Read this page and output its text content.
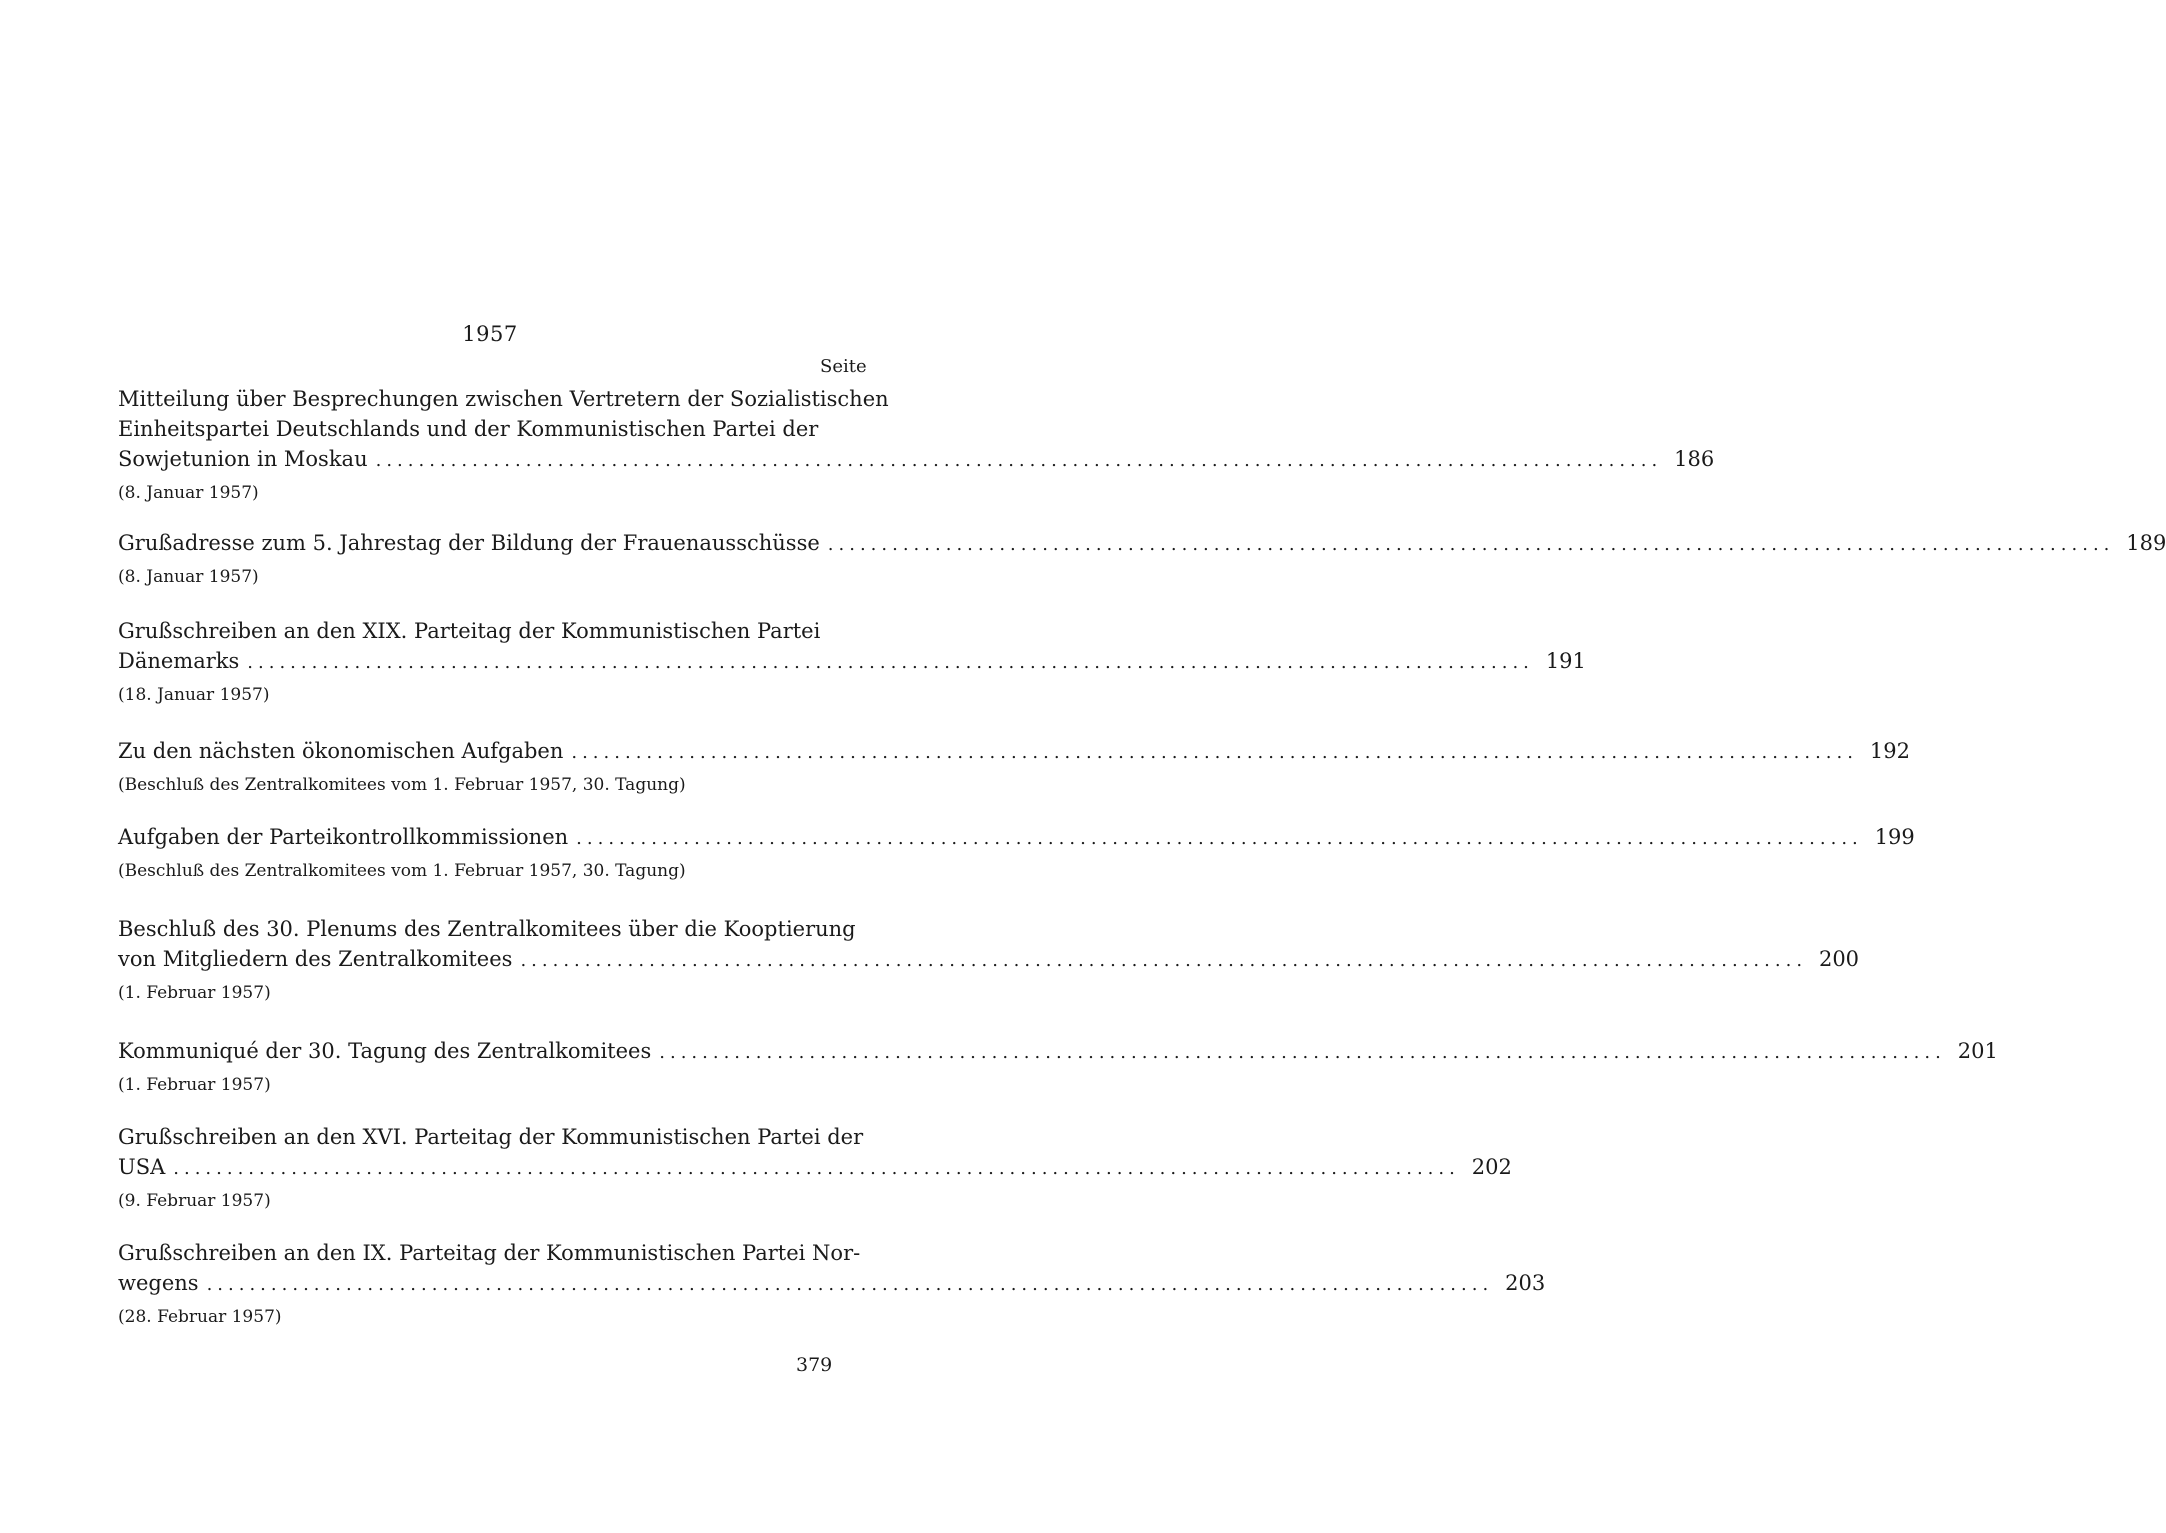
1957
Seite
Mitteilung über Besprechungen zwischen Vertretern der Sozialistischen
Einheitspartei Deutschlands und der Kommunistischen Partei der
Sowjetunion in Moskau ........................................................................................................................ 186
(8. Januar 1957)
Grußadresse zum 5. Jahrestag der Bildung der Frauenausschüsse ........................................................................................................................ 189
(8. Januar 1957)
Grußschreiben an den XIX. Parteitag der Kommunistischen Partei
Dänemarks ........................................................................................................................ 191
(18. Januar 1957)
Zu den nächsten ökonomischen Aufgaben ........................................................................................................................ 192
(Beschluß des Zentralkomitees vom 1. Februar 1957, 30. Tagung)
Aufgaben der Parteikontrollkommissionen ........................................................................................................................ 199
(Beschluß des Zentralkomitees vom 1. Februar 1957, 30. Tagung)
Beschluß des 30. Plenums des Zentralkomitees über die Kooptierung
von Mitgliedern des Zentralkomitees ........................................................................................................................ 200
(1. Februar 1957)
Kommuniqué der 30. Tagung des Zentralkomitees ........................................................................................................................ 201
(1. Februar 1957)
Grußschreiben an den XVI. Parteitag der Kommunistischen Partei der
USA ........................................................................................................................ 202
(9. Februar 1957)
Grußschreiben an den IX. Parteitag der Kommunistischen Partei Nor-
wegens ........................................................................................................................ 203
(28. Februar 1957)
379
